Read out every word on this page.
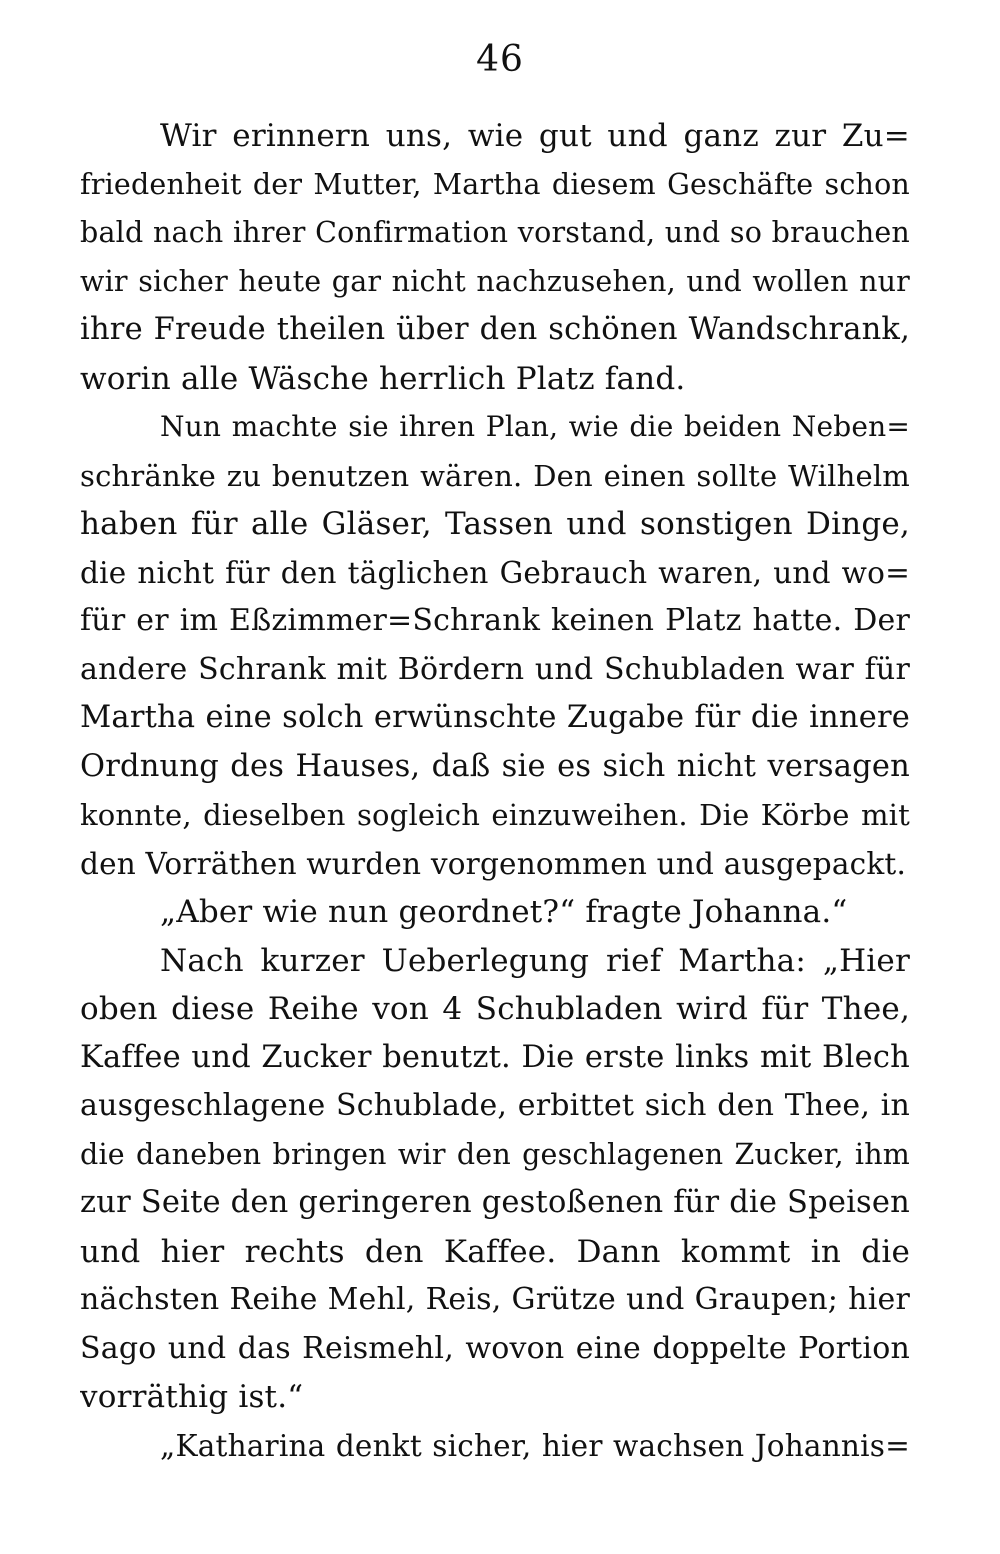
46
Wir erinnern uns, wie gut und ganz zur Zu=
friedenheit der Mutter, Martha diesem Geschäfte schon
bald nach ihrer Confirmation vorstand, und so brauchen
wir sicher heute gar nicht nachzusehen, und wollen nur
ihre Freude theilen über den schönen Wandschrank,
worin alle Wäsche herrlich Platz fand.
Nun machte sie ihren Plan, wie die beiden Neben=
schränke zu benutzen wären. Den einen sollte Wilhelm
haben für alle Gläser, Tassen und sonstigen Dinge,
die nicht für den täglichen Gebrauch waren, und wo=
für er im Eßzimmer=Schrank keinen Platz hatte. Der
andere Schrank mit Bördern und Schubladen war für
Martha eine solch erwünschte Zugabe für die innere
Ordnung des Hauses, daß sie es sich nicht versagen
konnte, dieselben sogleich einzuweihen. Die Körbe mit
den Vorräthen wurden vorgenommen und ausgepackt.
„Aber wie nun geordnet?“ fragte Johanna.“
Nach kurzer Ueberlegung rief Martha: „Hier
oben diese Reihe von 4 Schubladen wird für Thee,
Kaffee und Zucker benutzt. Die erste links mit Blech
ausgeschlagene Schublade, erbittet sich den Thee, in
die daneben bringen wir den geschlagenen Zucker, ihm
zur Seite den geringeren gestoßenen für die Speisen
und hier rechts den Kaffee. Dann kommt in die
nächsten Reihe Mehl, Reis, Grütze und Graupen; hier
Sago und das Reismehl, wovon eine doppelte Portion
vorräthig ist.“
„Katharina denkt sicher, hier wachsen Johannis=
